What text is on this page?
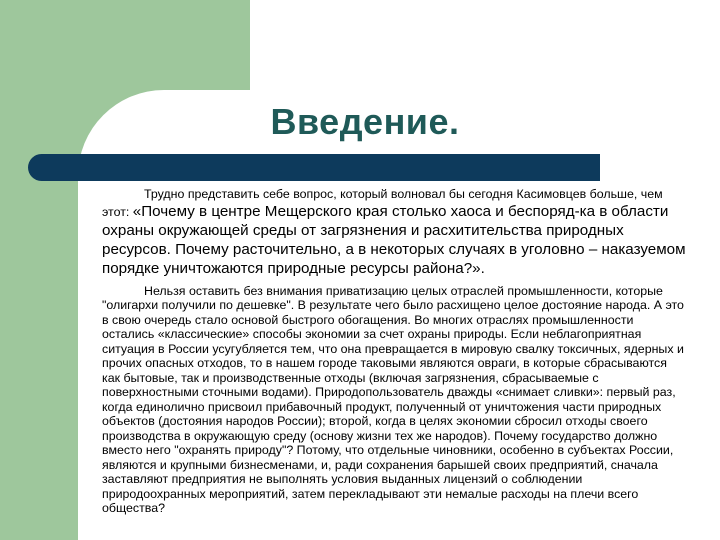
Введение.

Трудно представить себе вопрос, который волновал бы сегодня Касимовцев больше, чем этот: «Почему в центре Мещерского края столько хаоса и беспоряд-ка в области охраны окружающей среды от загрязнения и расхитительства природных ресурсов. Почему расточительно, а в некоторых случаях в уголовно – наказуемом порядке уничтожаются природные ресурсы района?».

Нельзя оставить без внимания приватизацию целых отраслей промышленности, которые "олигархи получили по дешевке". В результате чего было расхищено целое достояние народа. А это в свою очередь стало основой быстрого обогащения. Во многих отраслях промышленности остались «классические» способы экономии за счет охраны природы. Если неблагоприятная ситуация в России усугубляется тем, что она превращается в мировую свалку токсичных, ядерных и прочих опасных отходов, то в нашем городе таковыми являются овраги, в которые сбрасываются как бытовые, так и производственные отходы (включая загрязнения, сбрасываемые с поверхностными сточными водами). Природопользователь дважды «снимает сливки»: первый раз, когда единолично присвоил прибавочный продукт, полученный от уничтожения части природных объектов (достояния народов России); второй, когда в целях экономии сбросил отходы своего производства в окружающую среду (основу жизни тех же народов). Почему государство должно вместо него "охранять природу"? Потому, что отдельные чиновники, особенно в субъектах России, являются и крупными бизнесменами, и, ради сохранения барышей своих предприятий, сначала заставляют предприятия не выполнять условия выданных лицензий о соблюдении природоохранных мероприятий, затем перекладывают эти немалые расходы на плечи всего общества?
